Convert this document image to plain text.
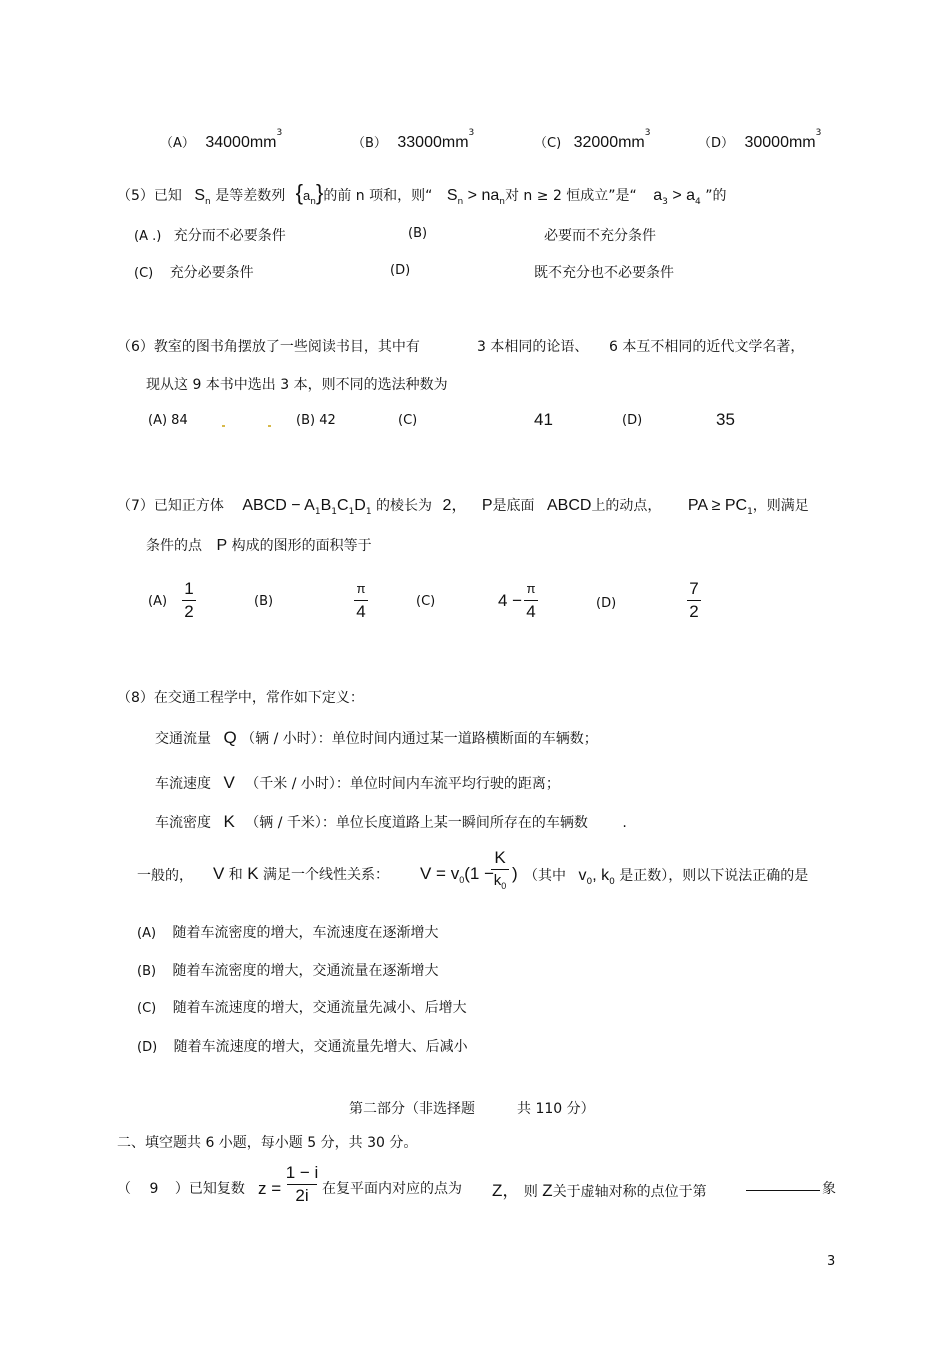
（A） $34000mm^3$
（B） $33000mm^3$
（C) $32000mm^3$
（D） $30000mm^3$
（5）已知 $S_n$ 是等差数列 $\{a_n\}$的前 n 项和，则“ $S_n > na_n$对 n ≥ 2 恒成立”是“ $a_3 > a_4$ ”的
(A .) 充分而不必要条件	(B)	必要而不充分条件
(C) 充分必要条件	(D)	既不充分也不必要条件
（6）教室的图书角摆放了一些阅读书目，其中有	3 本相同的论语、 6 本互不相同的近代文学名著，
现从这 9 本书中选出 3 本，则不同的选法种数为
(A) 84	(B) 42	(C)	41	(D)	35
（7）已知正方体 ABCD − $A_1B_1C_1D_1$ 的棱长为 2， P是底面 ABCD上的动点， PA ≥ $PC_1$，则满足
条件的点 P 构成的图形的面积等于
(A)
1
2
(B)
π
4
(C)	4 −
π
4	(D)
7
2
（8）在交通工程学中，常作如下定义：
交通流量 Q （辆 / 小时）：单位时间内通过某一道路横断面的车辆数；
车流速度 V （千米 / 小时）：单位时间内车流平均行驶的距离；
车流密度 K （辆 / 千米）：单位长度道路上某一瞬间所存在的车辆数 .
一般的， V 和 K 满足一个线性关系： $V = v_0(1$ −
K
$k_0$
) （其中 $v_0$, $k_0$ 是正数），则以下说法正确的是
(A) 随着车流密度的增大，车流速度在逐渐增大
(B) 随着车流密度的增大，交通流量在逐渐增大
(C) 随着车流速度的增大，交通流量先减小、后增大
(D) 随着车流速度的增大，交通流量先增大、后减小
第二部分（非选择题	共 110 分）
二、填空题共 6 小题，每小题 5 分，共 30 分。
（ 9 ）已知复数 z =
1 − i
2i 在复平面内对应的点为 Z， 则 Z关于虚轴对称的点位于第	象
3
